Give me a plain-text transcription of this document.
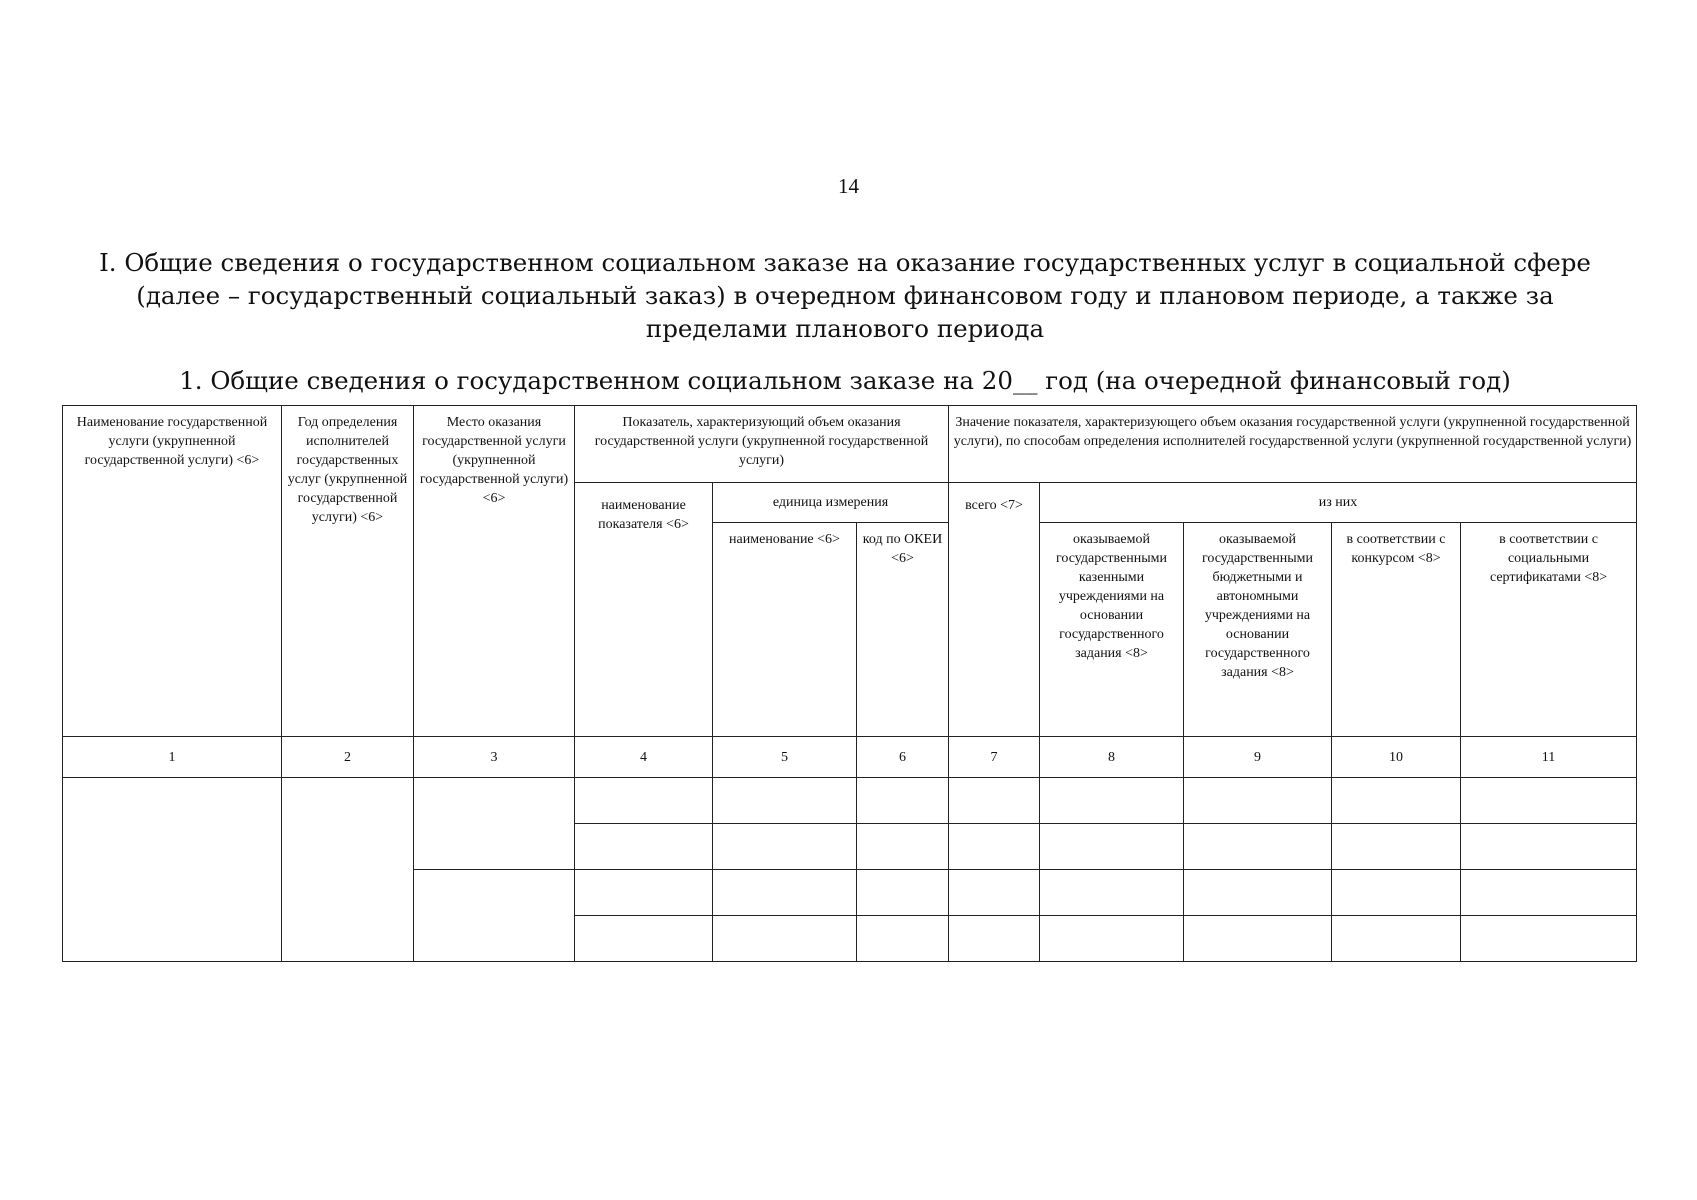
14
I. Общие сведения о государственном социальном заказе на оказание государственных услуг в социальной сфере (далее – государственный социальный заказ) в очередном финансовом году и плановом периоде, а также за пределами планового периода
1. Общие сведения о государственном социальном заказе на 20__ год (на очередной финансовый год)
Наименование государственной услуги (укрупненной государственной услуги) <6>	Год определения исполнителей государственных услуг (укрупненной государственной услуги) <6>	Место оказания государственной услуги (укрупненной государственной услуги) <6>	Показатель, характеризующий объем оказания государственной услуги (укрупненной государственной услуги)			Значение показателя, характеризующего объем оказания государственной услуги (укрупненной государственной услуги), по способам определения исполнителей государственной услуги (укрупненной государственной услуги)				
			наименование показателя <6>	единица измерения		всего <7>	из них			
				наименование <6>	код по ОКЕИ <6>		оказываемой государственными казенными учреждениями на основании государственного задания <8>	оказываемой государственными бюджетными и автономными учреждениями на основании государственного задания <8>	в соответствии с конкурсом <8>	в соответствии с социальными сертификатами <8>
1	2	3	4	5	6	7	8	9	10	11
